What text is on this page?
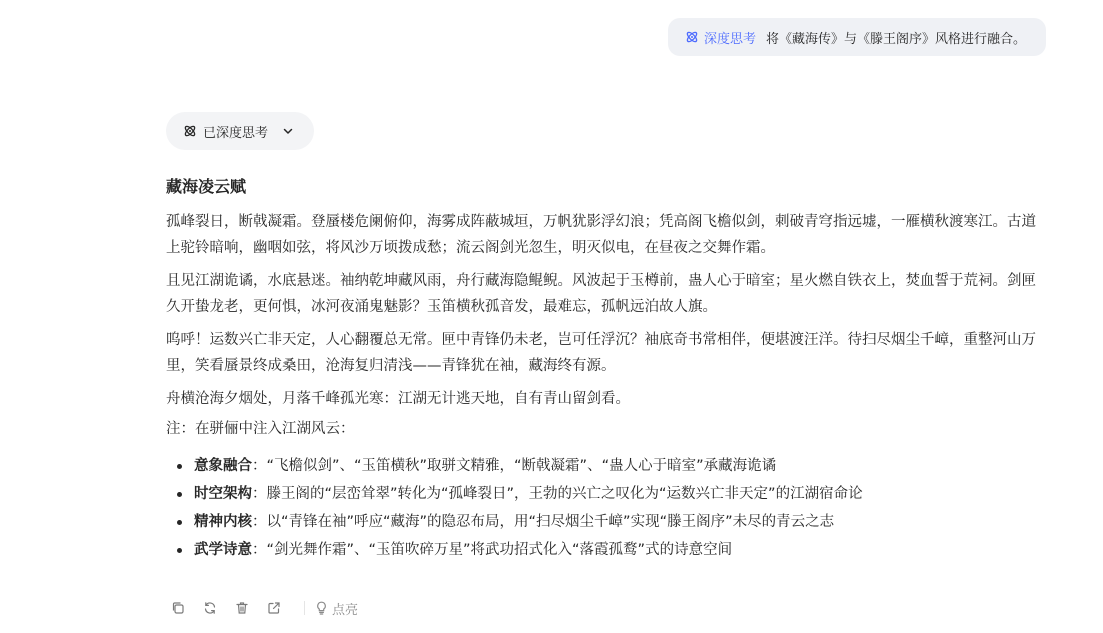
深度思考 将《藏海传》与《滕王阁序》风格进行融合。
已深度思考
藏海凌云赋

孤峰裂日，断戟凝霜。登蜃楼危阑俯仰，海雾成阵蔽城垣，万帆犹影浮幻浪；凭高阁飞檐似剑，刺破青穹指远墟，一雁横秋渡寒江。古道上驼铃暗响，幽咽如弦，将风沙万顷拨成愁；流云阁剑光忽生，明灭似电，在昼夜之交舞作霜。

且见江湖诡谲，水底悬迷。袖纳乾坤藏风雨，舟行藏海隐鲲鲵。风波起于玉樽前，蛊人心于暗室；星火燃自铁衣上，焚血誓于荒祠。剑匣久开蛰龙老，更何惧，冰河夜涌鬼魅影？玉笛横秋孤音发，最难忘，孤帆远泊故人旗。

呜呼！运数兴亡非天定，人心翻覆总无常。匣中青锋仍未老，岂可任浮沉？袖底奇书常相伴，便堪渡汪洋。待扫尽烟尘千嶂，重整河山万里，笑看蜃景终成桑田，沧海复归清浅——青锋犹在袖，藏海终有源。

舟横沧海夕烟处，月落千峰孤光寒：江湖无计逃天地，自有青山留剑看。

注：在骈俪中注入江湖风云：

意象融合：“飞檐似剑”、“玉笛横秋”取骈文精雅，“断戟凝霜”、“蛊人心于暗室”承藏海诡谲
时空架构：滕王阁的“层峦耸翠”转化为“孤峰裂日”，王勃的兴亡之叹化为“运数兴亡非天定”的江湖宿命论
精神内核：以“青锋在袖”呼应“藏海”的隐忍布局，用“扫尽烟尘千嶂”实现“滕王阁序”未尽的青云之志
武学诗意：“剑光舞作霜”、“玉笛吹碎万星”将武功招式化入“落霞孤鹜”式的诗意空间
点亮
